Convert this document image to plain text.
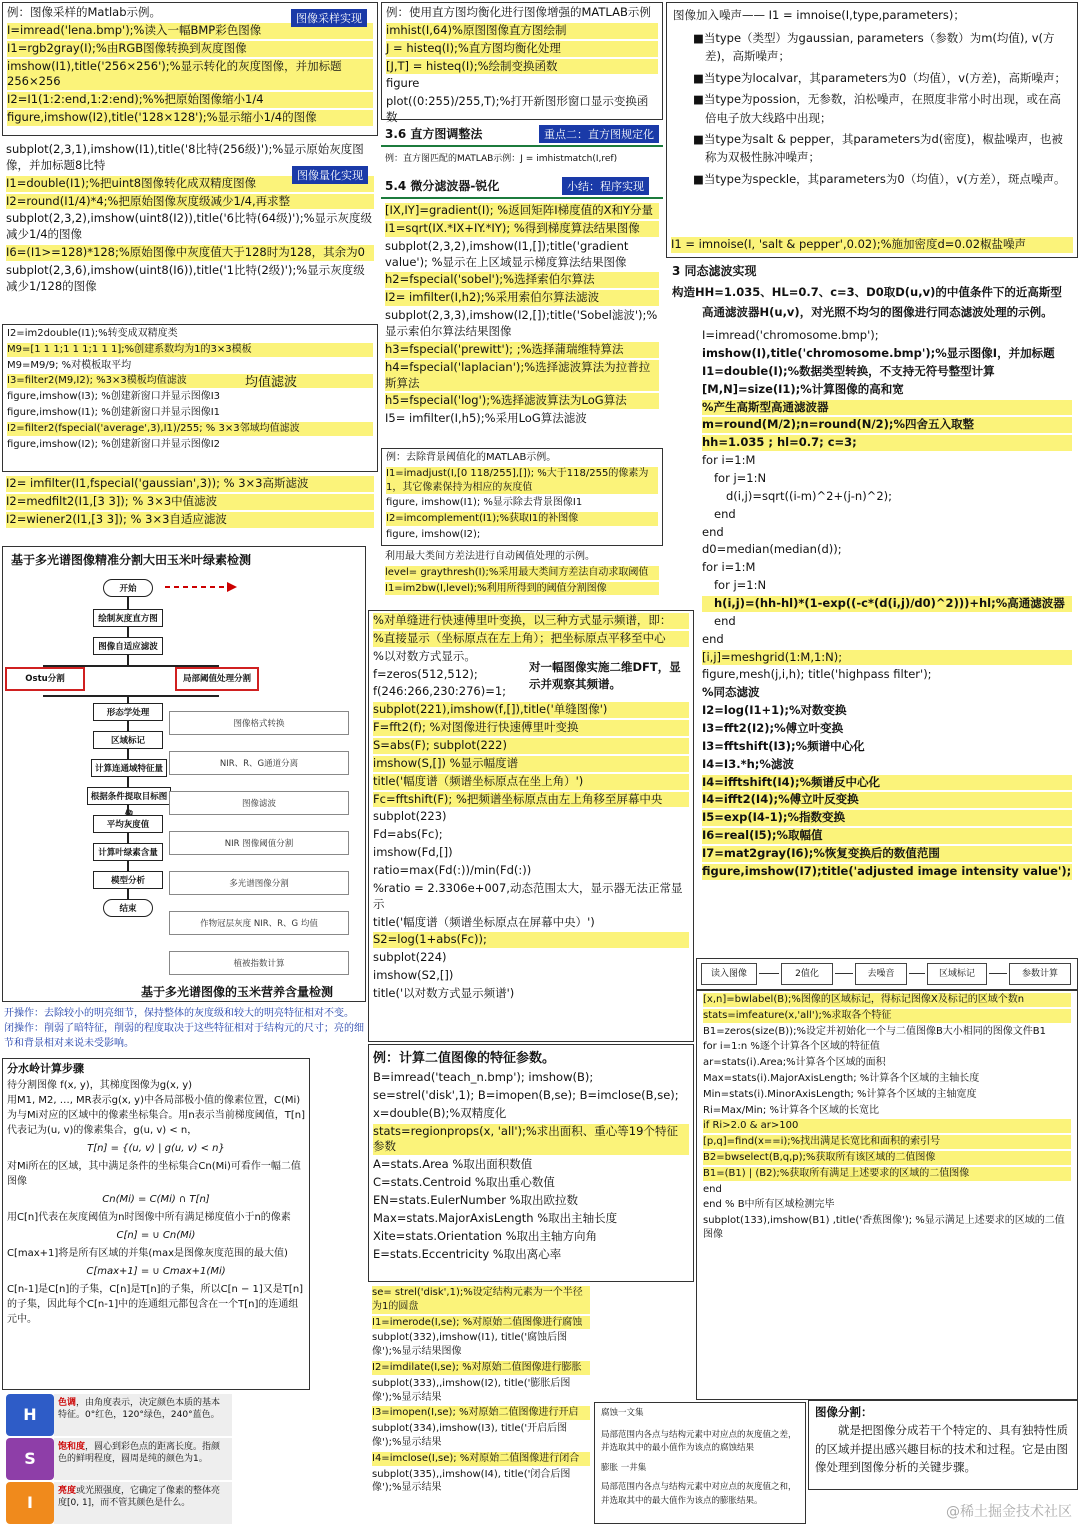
图像采样实现
例：图像采样的Matlab示例。
I=imread('lena.bmp');%读入一幅BMP彩色图像
I1=rgb2gray(I);%由RGB图像转换到灰度图像
imshow(I1),title('256×256');%显示转化的灰度图像，并加标题256×256
I2=I1(1:2:end,1:2:end);%%把原始图像缩小1/4
figure,imshow(I2),title('128×128');%显示缩小1/4的图像
图像量化实现
subplot(2,3,1),imshow(I1),title('8比特(256级)');%显示原始灰度图像，并加标题8比特
I1=double(I1);%把uint8图像转化成双精度图像
I2=round(I1/4)*4;%把原始图像灰度级减少1/4,再求整
subplot(2,3,2),imshow(uint8(I2)),title('6比特(64级)');%显示灰度级减少1/4的图像
I6=(I1>=128)*128;%原始图像中灰度值大于128时为128，其余为0
subplot(2,3,6),imshow(uint8(I6)),title('1比特(2级)');%显示灰度级减少1/128的图像
均值滤波
I2=im2double(I1);%转变成双精度类
M9=[1 1 1;1 1 1;1 1 1];%创建系数均为1的3×3模板
M9=M9/9; %对模板取平均
I3=filter2(M9,I2); %3×3模板均值滤波
figure,imshow(I3); %创建新窗口并显示图像I3
figure,imshow(I1); %创建新窗口并显示图像I1
I2=filter2(fspecial('average',3),I1)/255; % 3×3邻域均值滤波
figure,imshow(I2); %创建新窗口并显示图像I2
I2= imfilter(I1,fspecial('gaussian',3)); % 3×3高斯滤波
I2=medfilt2(I1,[3 3]); % 3×3中值滤波
I2=wiener2(I1,[3 3]); % 3×3自适应滤波
基于多光谱图像精准分割大田玉米叶绿素检测
开始
绘制灰度直方图
图像自适应滤波
Ostu分割	局部阈值处理分割
形态学处理
区域标记
计算连通域特征量
根据条件提取目标图
平均灰度值
计算叶绿素含量
模型分析
结束
图像格式转换
NIR、R、G通道分离
图像滤波
NIR 图像阈值分割
多光谱图像分割
作物冠层灰度 NIR、R、G 均值
植被指数计算
基于多光谱图像的玉米营养含量检测
开操作：去除较小的明亮细节，保持整体的灰度级和较大的明亮特征相对不变。
闭操作：削弱了暗特征，削弱的程度取决于这些特征相对于结构元的尺寸；亮的细节和背景相对来说未受影响。
分水岭计算步骤
待分割图像 f(x, y)，其梯度图像为g(x, y)
用M1, M2, …, MR表示g(x, y)中各局部极小值的像素位置，C(Mi)为与Mi对应的区域中的像素坐标集合。用n表示当前梯度阈值，T[n]代表记为(u, v)的像素集合，g(u, v) < n，
T[n] = {(u, v) | g(u, v) < n}
对Mi所在的区域，其中满足条件的坐标集合Cn(Mi)可看作一幅二值图像
Cn(Mi) = C(Mi) ∩ T[n]
用C[n]代表在灰度阈值为n时图像中所有满足梯度值小于n的像素
C[n] = ∪ Cn(Mi)
C[max+1]将是所有区域的并集(max是图像灰度范围的最大值)
C[max+1] = ∪ Cmax+1(Mi)
C[n-1]是C[n]的子集，C[n]是T[n]的子集，所以C[n − 1]又是T[n]的子集，因此每个C[n-1]中的连通组元都包含在一个T[n]的连通组元中。
H
色调，由角度表示，决定颜色本质的基本特征。0°红色，120°绿色，240°蓝色。
S
饱和度，圆心到彩色点的距离长度。指颜色的鲜明程度，圆周是纯的颜色为1。
I
亮度或光照强度，它确定了像素的整体亮度[0, 1]，而不管其颜色是什么。
例：使用直方图均衡化进行图像增强的MATLAB示例
imhist(I,64)%原图图像直方图绘制
J = histeq(I);%直方图均衡化处理
[J,T] = histeq(I);%绘制变换函数
figure
plot((0:255)/255,T);%打开新图形窗口显示变换函数
3.6 直方图调整法	重点二：直方图规定化
例：直方图匹配的MATLAB示例：J = imhistmatch(I,ref)
5.4 微分滤波器-锐化	小结：程序实现
[IX,IY]=gradient(I); %返回矩阵I梯度值的X和Y分量
I1=sqrt(IX.*IX+IY.*IY); %得到梯度算法结果图像
subplot(2,3,2),imshow(I1,[]);title('gradient value'); %显示在上区域显示梯度算法结果图像
h2=fspecial('sobel');%选择索伯尔算法
I2= imfilter(I,h2);%采用索伯尔算法滤波
subplot(2,3,3),imshow(I2,[]);title('Sobel滤波');% 显示索伯尔算法结果图像
h3=fspecial('prewitt'); ;%选择蒲瑞维特算法
h4=fspecial('laplacian');%选择滤波算法为拉普拉斯算法
h5=fspecial('log');%选择滤波算法为LoG算法
I5= imfilter(I,h5);%采用LoG算法滤波
例：去除背景阈值化的MATLAB示例。
I1=imadjust(I,[0 118/255],[]); %大于118/255的像素为1，其它像素保持为相应的灰度值
figure, imshow(I1); %显示除去背景图像I1
I2=imcomplement(I1);%获取I1的补图像
figure, imshow(I2);
利用最大类间方差法进行自动阈值处理的示例。
level= graythresh(I);%采用最大类间方差法自动求取阈值
I1=im2bw(I,level);%利用所得到的阈值分割图像
对一幅图像实施二维DFT，显示并观察其频谱。
%对单缝进行快速傅里叶变换，以三种方式显示频谱，即：
%直接显示（坐标原点在左上角）；把坐标原点平移至中心
%以对数方式显示。
f=zeros(512,512);
f(246:266,230:276)=1;
subplot(221),imshow(f,[]),title('单缝图像')
F=fft2(f); %对图像进行快速傅里叶变换
S=abs(F); subplot(222)
imshow(S,[]) %显示幅度谱
title('幅度谱（频谱坐标原点在坐上角）')
Fc=fftshift(F); %把频谱坐标原点由左上角移至屏幕中央
subplot(223)
Fd=abs(Fc);
imshow(Fd,[])
ratio=max(Fd(:))/min(Fd(:))
%ratio = 2.3306e+007,动态范围太大，显示器无法正常显示
title('幅度谱（频谱坐标原点在屏幕中央）')
S2=log(1+abs(Fc));
subplot(224)
imshow(S2,[])
title('以对数方式显示频谱')
例：计算二值图像的特征参数。
B=imread('teach_n.bmp'); imshow(B);
se=strel('disk',1); B=imopen(B,se); B=imclose(B,se);
x=double(B);%双精度化
stats=regionprops(x, 'all');%求出面积、重心等19个特征参数
A=stats.Area %取出面积数值
C=stats.Centroid %取出重心数值
EN=stats.EulerNumber %取出欧拉数
Max=stats.MajorAxisLength %取出主轴长度
Xite=stats.Orientation %取出主轴方向角
E=stats.Eccentricity %取出离心率
se= strel('disk',1);%设定结构元素为一个半径为1的圆盘
I1=imerode(I,se); %对原始二值图像进行腐蚀
subplot(332),imshow(I1), title('腐蚀后图像');%显示结果图像
I2=imdilate(I,se); %对原始二值图像进行膨胀
subplot(333),,imshow(I2), title('膨胀后图像');%显示结果
I3=imopen(I,se); %对原始二值图像进行开启
subplot(334),imshow(I3), title('开启后图像');%显示结果
I4=imclose(I,se); %对原始二值图像进行闭合
subplot(335),,imshow(I4), title('闭合后图像');%显示结果
腐蚀一文集
局部范围内各点与结构元素中对应点的灰度值之差，并选取其中的最小值作为该点的腐蚀结果
膨胀 一井集
局部范围内各点与结构元素中对应点的灰度值之和，并选取其中的最大值作为该点的膨胀结果。
图像加入噪声—— I1 = imnoise(I,type,parameters)；
■当type（类型）为gaussian, parameters（参数）为m(均值), v(方差)，高斯噪声；
■当type为localvar，其parameters为0（均值），v(方差)，高斯噪声；
■当type为possion，无参数，泊松噪声，在照度非常小时出现，或在高倍电子放大线路中出现；
■当type为salt & pepper，其parameters为d(密度)，椒盐噪声，也被称为双极性脉冲噪声；
■当type为speckle，其parameters为0（均值），v(方差），斑点噪声。
I1 = imnoise(I, 'salt & pepper',0.02);%施加密度d=0.02椒盐噪声
3 同态滤波实现
构造HH=1.035、HL=0.7、c=3、D0取D(u,v)的中值条件下的近高斯型高通滤波器H(u,v)，对光照不均匀的图像进行同态滤波处理的示例。
I=imread('chromosome.bmp');
imshow(I),title('chromosome.bmp');%显示图像I，并加标题
I1=double(I);%数据类型转换，不支持无符号整型计算
[M,N]=size(I1);%计算图像的高和宽
%产生高斯型高通滤波器
m=round(M/2);n=round(N/2);%四舍五入取整
hh=1.035 ; hl=0.7; c=3;
for i=1:M
for j=1:N
d(i,j)=sqrt((i-m)^2+(j-n)^2);
end
end
d0=median(median(d));
for i=1:M
for j=1:N
h(i,j)=(hh-hl)*(1-exp((-c*(d(i,j)/d0)^2)))+hl;%高通滤波器
end
end
[i,j]=meshgrid(1:M,1:N);
figure,mesh(j,i,h); title('highpass filter');
%同态滤波
I2=log(I1+1);%对数变换
I3=fft2(I2);%傅立叶变换
I3=fftshift(I3);%频谱中心化
I4=I3.*h;%滤波
I4=ifftshift(I4);%频谱反中心化
I4=ifft2(I4);%傅立叶反变换
I5=exp(I4-1);%指数变换
I6=real(I5);%取幅值
I7=mat2gray(I6);%恢复变换后的数值范围
figure,imshow(I7);title('adjusted image intensity value');
读入图像	2值化	去噪音	区域标记	参数计算
[x,n]=bwlabel(B);%图像的区域标记，得标记图像X及标记的区域个数n
stats=imfeature(x,'all');%求取各个特征
B1=zeros(size(B));%设定并初始化一个与二值图像B大小相同的图像文件B1
for i=1:n %逐个计算各个区域的特征值
ar=stats(i).Area;%计算各个区域的面积
Max=stats(i).MajorAxisLength; %计算各个区域的主轴长度
Min=stats(i).MinorAxisLength; %计算各个区域的主轴宽度
Ri=Max/Min; %计算各个区域的长宽比
if Ri>2.0 & ar>100
[p,q]=find(x==i);%找出满足长宽比和面积的索引号
B2=bwselect(B,q,p);%获取所有该区域的二值图像
B1=(B1) | (B2);%获取所有满足上述要求的区域的二值图像
end
end % B中所有区域检测完毕
subplot(133),imshow(B1) ,title('香蕉图像'); %显示满足上述要求的区域的二值图像
图像分割：
就是把图像分成若干个特定的、具有独特性质的区域并提出感兴趣目标的技术和过程。它是由图像处理到图像分析的关键步骤。
@稀土掘金技术社区
